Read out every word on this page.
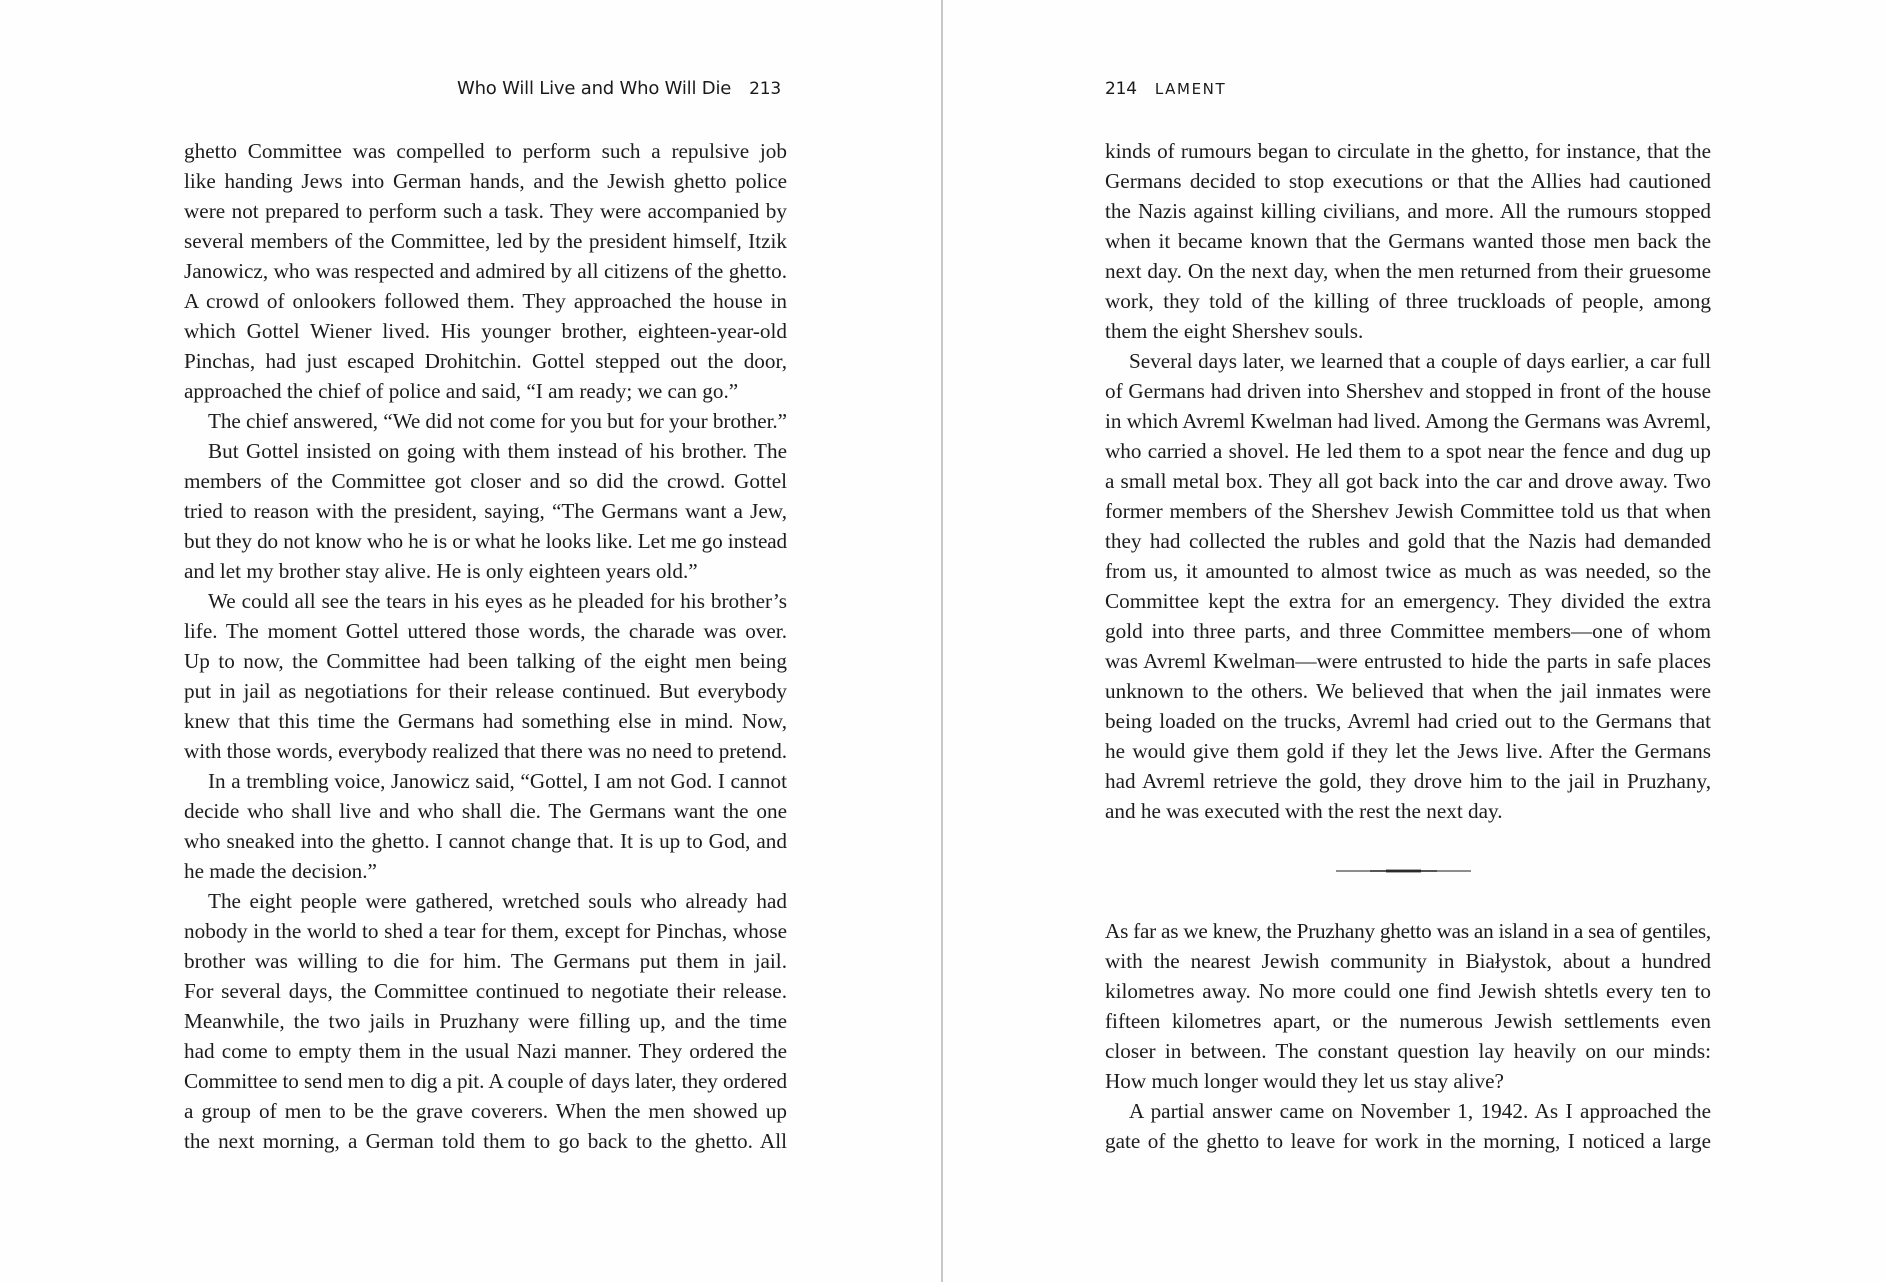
Who Will Live and Who Will Die 213
ghetto Committee was compelled to perform such a repulsive job
like handing Jews into German hands, and the Jewish ghetto police
were not prepared to perform such a task. They were accompanied by
several members of the Committee, led by the president himself, Itzik
Janowicz, who was respected and admired by all citizens of the ghetto.
A crowd of onlookers followed them. They approached the house in
which Gottel Wiener lived. His younger brother, eighteen-year-old
Pinchas, had just escaped Drohitchin. Gottel stepped out the door,
approached the chief of police and said, “I am ready; we can go.”
The chief answered, “We did not come for you but for your brother.”
But Gottel insisted on going with them instead of his brother. The
members of the Committee got closer and so did the crowd. Gottel
tried to reason with the president, saying, “The Germans want a Jew,
but they do not know who he is or what he looks like. Let me go instead
and let my brother stay alive. He is only eighteen years old.”
We could all see the tears in his eyes as he pleaded for his brother’s
life. The moment Gottel uttered those words, the charade was over.
Up to now, the Committee had been talking of the eight men being
put in jail as negotiations for their release continued. But everybody
knew that this time the Germans had something else in mind. Now,
with those words, everybody realized that there was no need to pretend.
In a trembling voice, Janowicz said, “Gottel, I am not God. I cannot
decide who shall live and who shall die. The Germans want the one
who sneaked into the ghetto. I cannot change that. It is up to God, and
he made the decision.”
The eight people were gathered, wretched souls who already had
nobody in the world to shed a tear for them, except for Pinchas, whose
brother was willing to die for him. The Germans put them in jail.
For several days, the Committee continued to negotiate their release.
Meanwhile, the two jails in Pruzhany were filling up, and the time
had come to empty them in the usual Nazi manner. They ordered the
Committee to send men to dig a pit. A couple of days later, they ordered
a group of men to be the grave coverers. When the men showed up
the next morning, a German told them to go back to the ghetto. All
214 LAMENT
kinds of rumours began to circulate in the ghetto, for instance, that the
Germans decided to stop executions or that the Allies had cautioned
the Nazis against killing civilians, and more. All the rumours stopped
when it became known that the Germans wanted those men back the
next day. On the next day, when the men returned from their gruesome
work, they told of the killing of three truckloads of people, among
them the eight Shershev souls.
Several days later, we learned that a couple of days earlier, a car full
of Germans had driven into Shershev and stopped in front of the house
in which Avreml Kwelman had lived. Among the Germans was Avreml,
who carried a shovel. He led them to a spot near the fence and dug up
a small metal box. They all got back into the car and drove away. Two
former members of the Shershev Jewish Committee told us that when
they had collected the rubles and gold that the Nazis had demanded
from us, it amounted to almost twice as much as was needed, so the
Committee kept the extra for an emergency. They divided the extra
gold into three parts, and three Committee members—one of whom
was Avreml Kwelman—were entrusted to hide the parts in safe places
unknown to the others. We believed that when the jail inmates were
being loaded on the trucks, Avreml had cried out to the Germans that
he would give them gold if they let the Jews live. After the Germans
had Avreml retrieve the gold, they drove him to the jail in Pruzhany,
and he was executed with the rest the next day.
As far as we knew, the Pruzhany ghetto was an island in a sea of gentiles,
with the nearest Jewish community in Białystok, about a hundred
kilometres away. No more could one find Jewish shtetls every ten to
fifteen kilometres apart, or the numerous Jewish settlements even
closer in between. The constant question lay heavily on our minds:
How much longer would they let us stay alive?
A partial answer came on November 1, 1942. As I approached the
gate of the ghetto to leave for work in the morning, I noticed a large
